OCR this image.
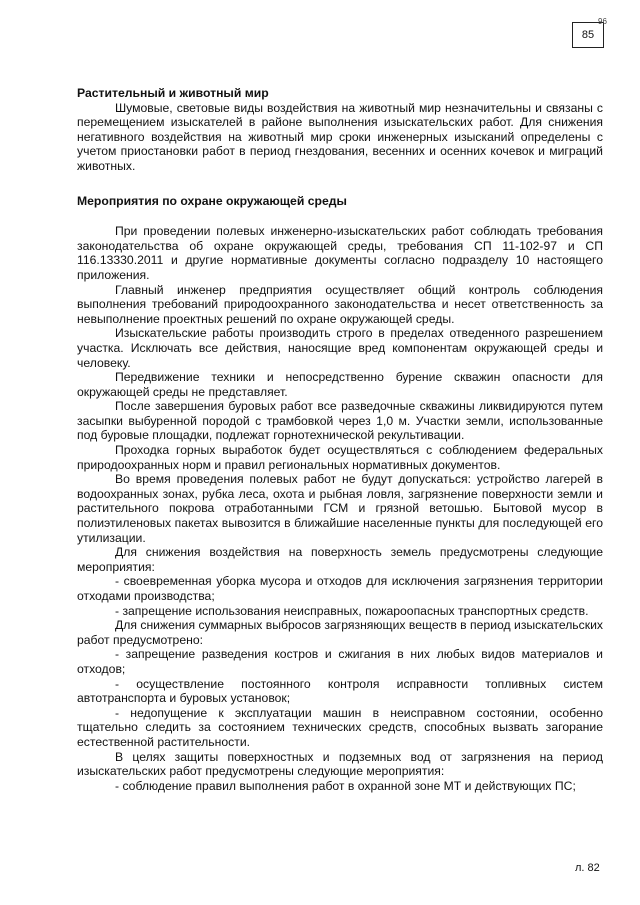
85
96
Растительный и животный мир

Шумовые, световые виды воздействия на животный мир незначительны и связаны с перемещением изыскателей в районе выполнения изыскательских работ. Для снижения негативного воздействия на животный мир сроки инженерных изысканий определены с учетом приостановки работ в период гнездования, весенних и осенних кочевок и миграций животных.

Мероприятия по охране окружающей среды

При проведении полевых инженерно-изыскательских работ соблюдать требования законодательства об охране окружающей среды, требования СП 11-102-97 и СП 116.13330.2011 и другие нормативные документы согласно подразделу 10 настоящего приложения.

Главный инженер предприятия осуществляет общий контроль соблюдения выполнения требований природоохранного законодательства и несет ответственность за невыполнение проектных решений по охране окружающей среды.

Изыскательские работы производить строго в пределах отведенного разрешением участка. Исключать все действия, наносящие вред компонентам окружающей среды и человеку.

Передвижение техники и непосредственно бурение скважин опасности для окружающей среды не представляет.

После завершения буровых работ все разведочные скважины ликвидируются путем засыпки выбуренной породой с трамбовкой через 1,0 м. Участки земли, использованные под буровые площадки, подлежат горнотехнической рекультивации.

Проходка горных выработок будет осуществляться с соблюдением федеральных природоохранных норм и правил региональных нормативных документов.

Во время проведения полевых работ не будут допускаться: устройство лагерей в водоохранных зонах, рубка леса, охота и рыбная ловля, загрязнение поверхности земли и растительного покрова отработанными ГСМ и грязной ветошью. Бытовой мусор в полиэтиленовых пакетах вывозится в ближайшие населенные пункты для последующей его утилизации.

Для снижения воздействия на поверхность земель предусмотрены следующие мероприятия:

- своевременная уборка мусора и отходов для исключения загрязнения территории отходами производства;

- запрещение использования неисправных, пожароопасных транспортных средств.

Для снижения суммарных выбросов загрязняющих веществ в период изыскательских работ предусмотрено:

- запрещение разведения костров и сжигания в них любых видов материалов и отходов;

- осуществление постоянного контроля исправности топливных систем автотранспорта и буровых установок;

- недопущение к эксплуатации машин в неисправном состоянии, особенно тщательно следить за состоянием технических средств, способных вызвать загорание естественной растительности.

В целях защиты поверхностных и подземных вод от загрязнения на период изыскательских работ предусмотрены следующие мероприятия:

- соблюдение правил выполнения работ в охранной зоне МТ и действующих ПС;

л. 82
